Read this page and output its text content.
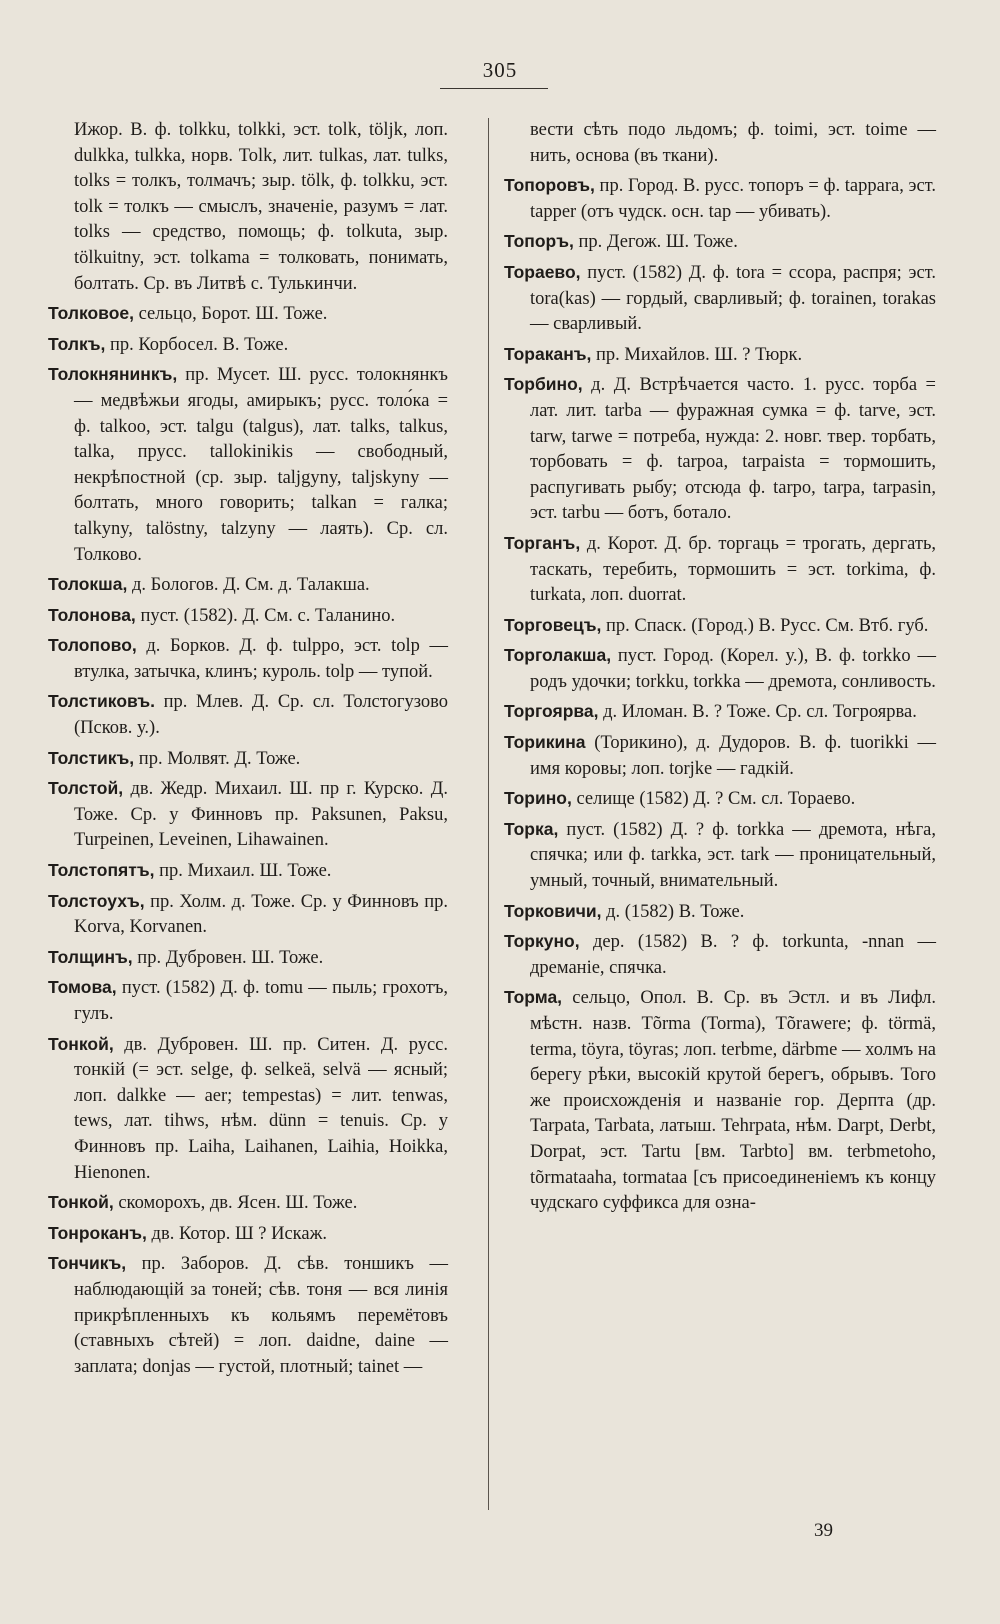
305

Ижор. В. ф. tolkku, tolkki, эст. tolk, töljk, лоп. dulkka, tulkka, норв. Tolk, лит. tulkas, лат. tulks, tolks = толкъ, толмачъ; зыр. tölk, ф. tolkku, эст. tolk = толкъ — смыслъ, значеніе, разумъ = лат. tolks — средство, помощь; ф. tolkuta, зыр. tölkuitny, эст. tolkama = толковать, понимать, болтать. Ср. въ Литвѣ с. Тулькинчи.

Толковое, сельцо, Борот. Ш. Тоже.

Толкъ, пр. Корбосел. В. Тоже.

Толокнянинкъ, пр. Мусет. Ш. русс. толокнянкъ — медвѣжьи ягоды, амирыкъ; русс. толо́ка = ф. talkoo, эст. talgu (talgus), лат. talks, talkus, talka, прусс. tallokinikis — свободный, некрѣпостной (ср. зыр. taljgyny, taljskyny — болтать, много говорить; talkan = галка; talkyny, talöstny, talzyny — лаять). Ср. сл. Толково.

Толокша, д. Бологов. Д. См. д. Талакша.

Толонова, пуст. (1582). Д. См. с. Таланино.

Толопово, д. Борков. Д. ф. tulppo, эст. tolp — втулка, затычка, клинъ; куроль. tolp — тупой.

Толстиковъ. пр. Млев. Д. Ср. сл. Толстогузово (Псков. у.).

Толстикъ, пр. Молвят. Д. Тоже.

Толстой, дв. Жедр. Михаил. Ш. пр г. Курско. Д. Тоже. Ср. у Финновъ пр. Paksunen, Paksu, Turpeinen, Leveinen, Lihawainen.

Толстопятъ, пр. Михаил. Ш. Тоже.

Толстоухъ, пр. Холм. д. Тоже. Ср. у Финновъ пр. Korva, Korvanen.

Толщинъ, пр. Дубровен. Ш. Тоже.

Томова, пуст. (1582) Д. ф. tomu — пыль; грохотъ, гулъ.

Тонкой, дв. Дубровен. Ш. пр. Ситен. Д. русс. тонкій (= эст. selge, ф. selkeä, selvä — ясный; лоп. dalkke — aer; tempestas) = лит. tenwas, tews, лат. tihws, нѣм. dünn = tenuis. Ср. у Финновъ пр. Laiha, Laihanen, Laihia, Hoikka, Hienonen.

Тонкой, скоморохъ, дв. Ясен. Ш. Тоже.

Тонроканъ, дв. Котор. Ш ? Искаж.

Тончикъ, пр. Заборов. Д. сѣв. тоншикъ — наблюдающій за тоней; сѣв. тоня — вся линія прикрѣпленныхъ къ кольямъ перемётовъ (ставныхъ сѣтей) = лоп. daidne, daine — заплата; donjas — густой, плотный; tainet —

вести сѣть подо льдомъ; ф. toimi, эст. toime — нить, основа (въ ткани).

Топоровъ, пр. Город. В. русс. топоръ = ф. tappara, эст. tapper (отъ чудск. осн. tap — убивать).

Топоръ, пр. Дегож. Ш. Тоже.

Тораево, пуст. (1582) Д. ф. tora = ссора, распря; эст. tora(kas) — гордый, сварливый; ф. torainen, torakas — сварливый.

Тораканъ, пр. Михайлов. Ш. ? Тюрк.

Торбино, д. Д. Встрѣчается часто. 1. русс. торба = лат. лит. tarba — фуражная сумка = ф. tarve, эст. tarw, tarwe = потреба, нужда: 2. новг. твер. торбать, торбовать = ф. tarpoa, tarpaista = тормошить, распугивать рыбу; отсюда ф. tarpo, tarpa, tarpasin, эст. tarbu — ботъ, ботало.

Торганъ, д. Корот. Д. бр. торгаць = трогать, дергать, таскать, теребить, тормошить = эст. torkima, ф. turkata, лоп. duorrat.

Торговецъ, пр. Спаск. (Город.) В. Русс. См. Втб. губ.

Торголакша, пуст. Город. (Корел. у.), В. ф. torkko — родъ удочки; torkku, torkka — дремота, сонливость.

Торгоярва, д. Иломан. В. ? Тоже. Ср. сл. Тогроярва.

Торикина (Торикино), д. Дудоров. В. ф. tuorikki — имя коровы; лоп. torjke — гадкій.

Торино, селище (1582) Д. ? См. сл. Тораево.

Торка, пуст. (1582) Д. ? ф. torkka — дремота, нѣга, спячка; или ф. tarkka, эст. tark — проницательный, умный, точный, внимательный.

Торковичи, д. (1582) В. Тоже.

Торкуно, дер. (1582) В. ? ф. torkunta, -nnan — дреманіе, спячка.

Торма, сельцо, Опол. В. Ср. въ Эстл. и въ Лифл. мѣстн. назв. Tõrma (Torma), Tõrawere; ф. törmä, terma, töyra, töyras; лоп. terbme, därbme — холмъ на берегу рѣки, высокій крутой берегъ, обрывъ. Того же происхожденія и названіе гор. Дерпта (др. Tarpata, Tarbata, латыш. Tehrpata, нѣм. Darpt, Derbt, Dorpat, эст. Tartu [вм. Tarbto] вм. terbmetoho, tõrmataaha, tormataa [съ присоединеніемъ къ концу чудскаго суффикса для озна-

39
